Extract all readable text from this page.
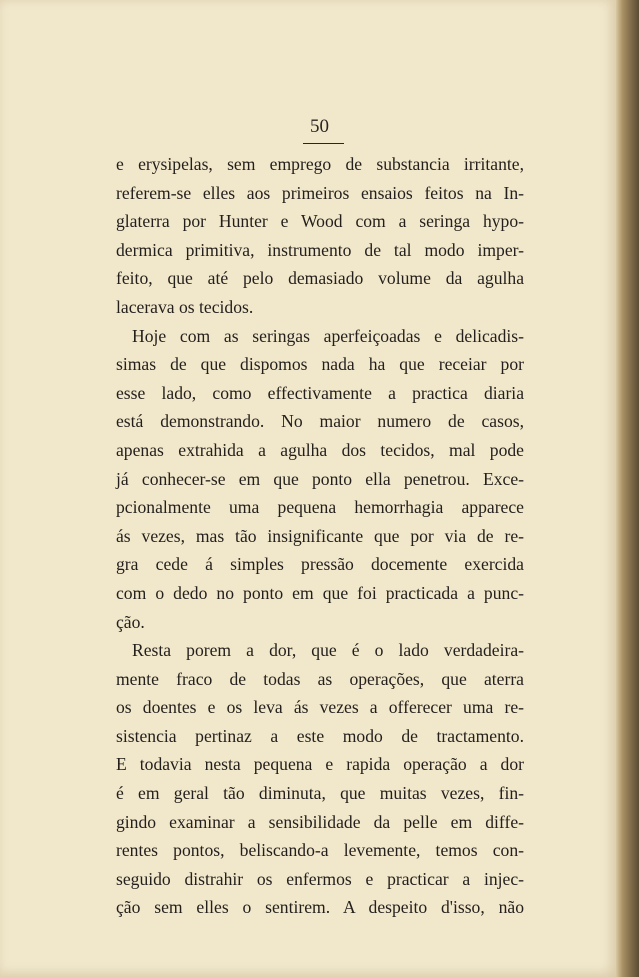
50
e erysipelas, sem emprego de substancia irritante,
referem-se elles aos primeiros ensaios feitos na In-
glaterra por Hunter e Wood com a seringa hypo-
dermica primitiva, instrumento de tal modo imper-
feito, que até pelo demasiado volume da agulha
lacerava os tecidos.
Hoje com as seringas aperfeiçoadas e delicadis-
simas de que dispomos nada ha que receiar por
esse lado, como effectivamente a practica diaria
está demonstrando. No maior numero de casos,
apenas extrahida a agulha dos tecidos, mal pode
já conhecer-se em que ponto ella penetrou. Exce-
pcionalmente uma pequena hemorrhagia apparece
ás vezes, mas tão insignificante que por via de re-
gra cede á simples pressão docemente exercida
com o dedo no ponto em que foi practicada a punc-
ção.
Resta porem a dor, que é o lado verdadeira-
mente fraco de todas as operações, que aterra
os doentes e os leva ás vezes a offerecer uma re-
sistencia pertinaz a este modo de tractamento.
E todavia nesta pequena e rapida operação a dor
é em geral tão diminuta, que muitas vezes, fin-
gindo examinar a sensibilidade da pelle em diffe-
rentes pontos, beliscando-a levemente, temos con-
seguido distrahir os enfermos e practicar a injec-
ção sem elles o sentirem. A despeito d'isso, não
